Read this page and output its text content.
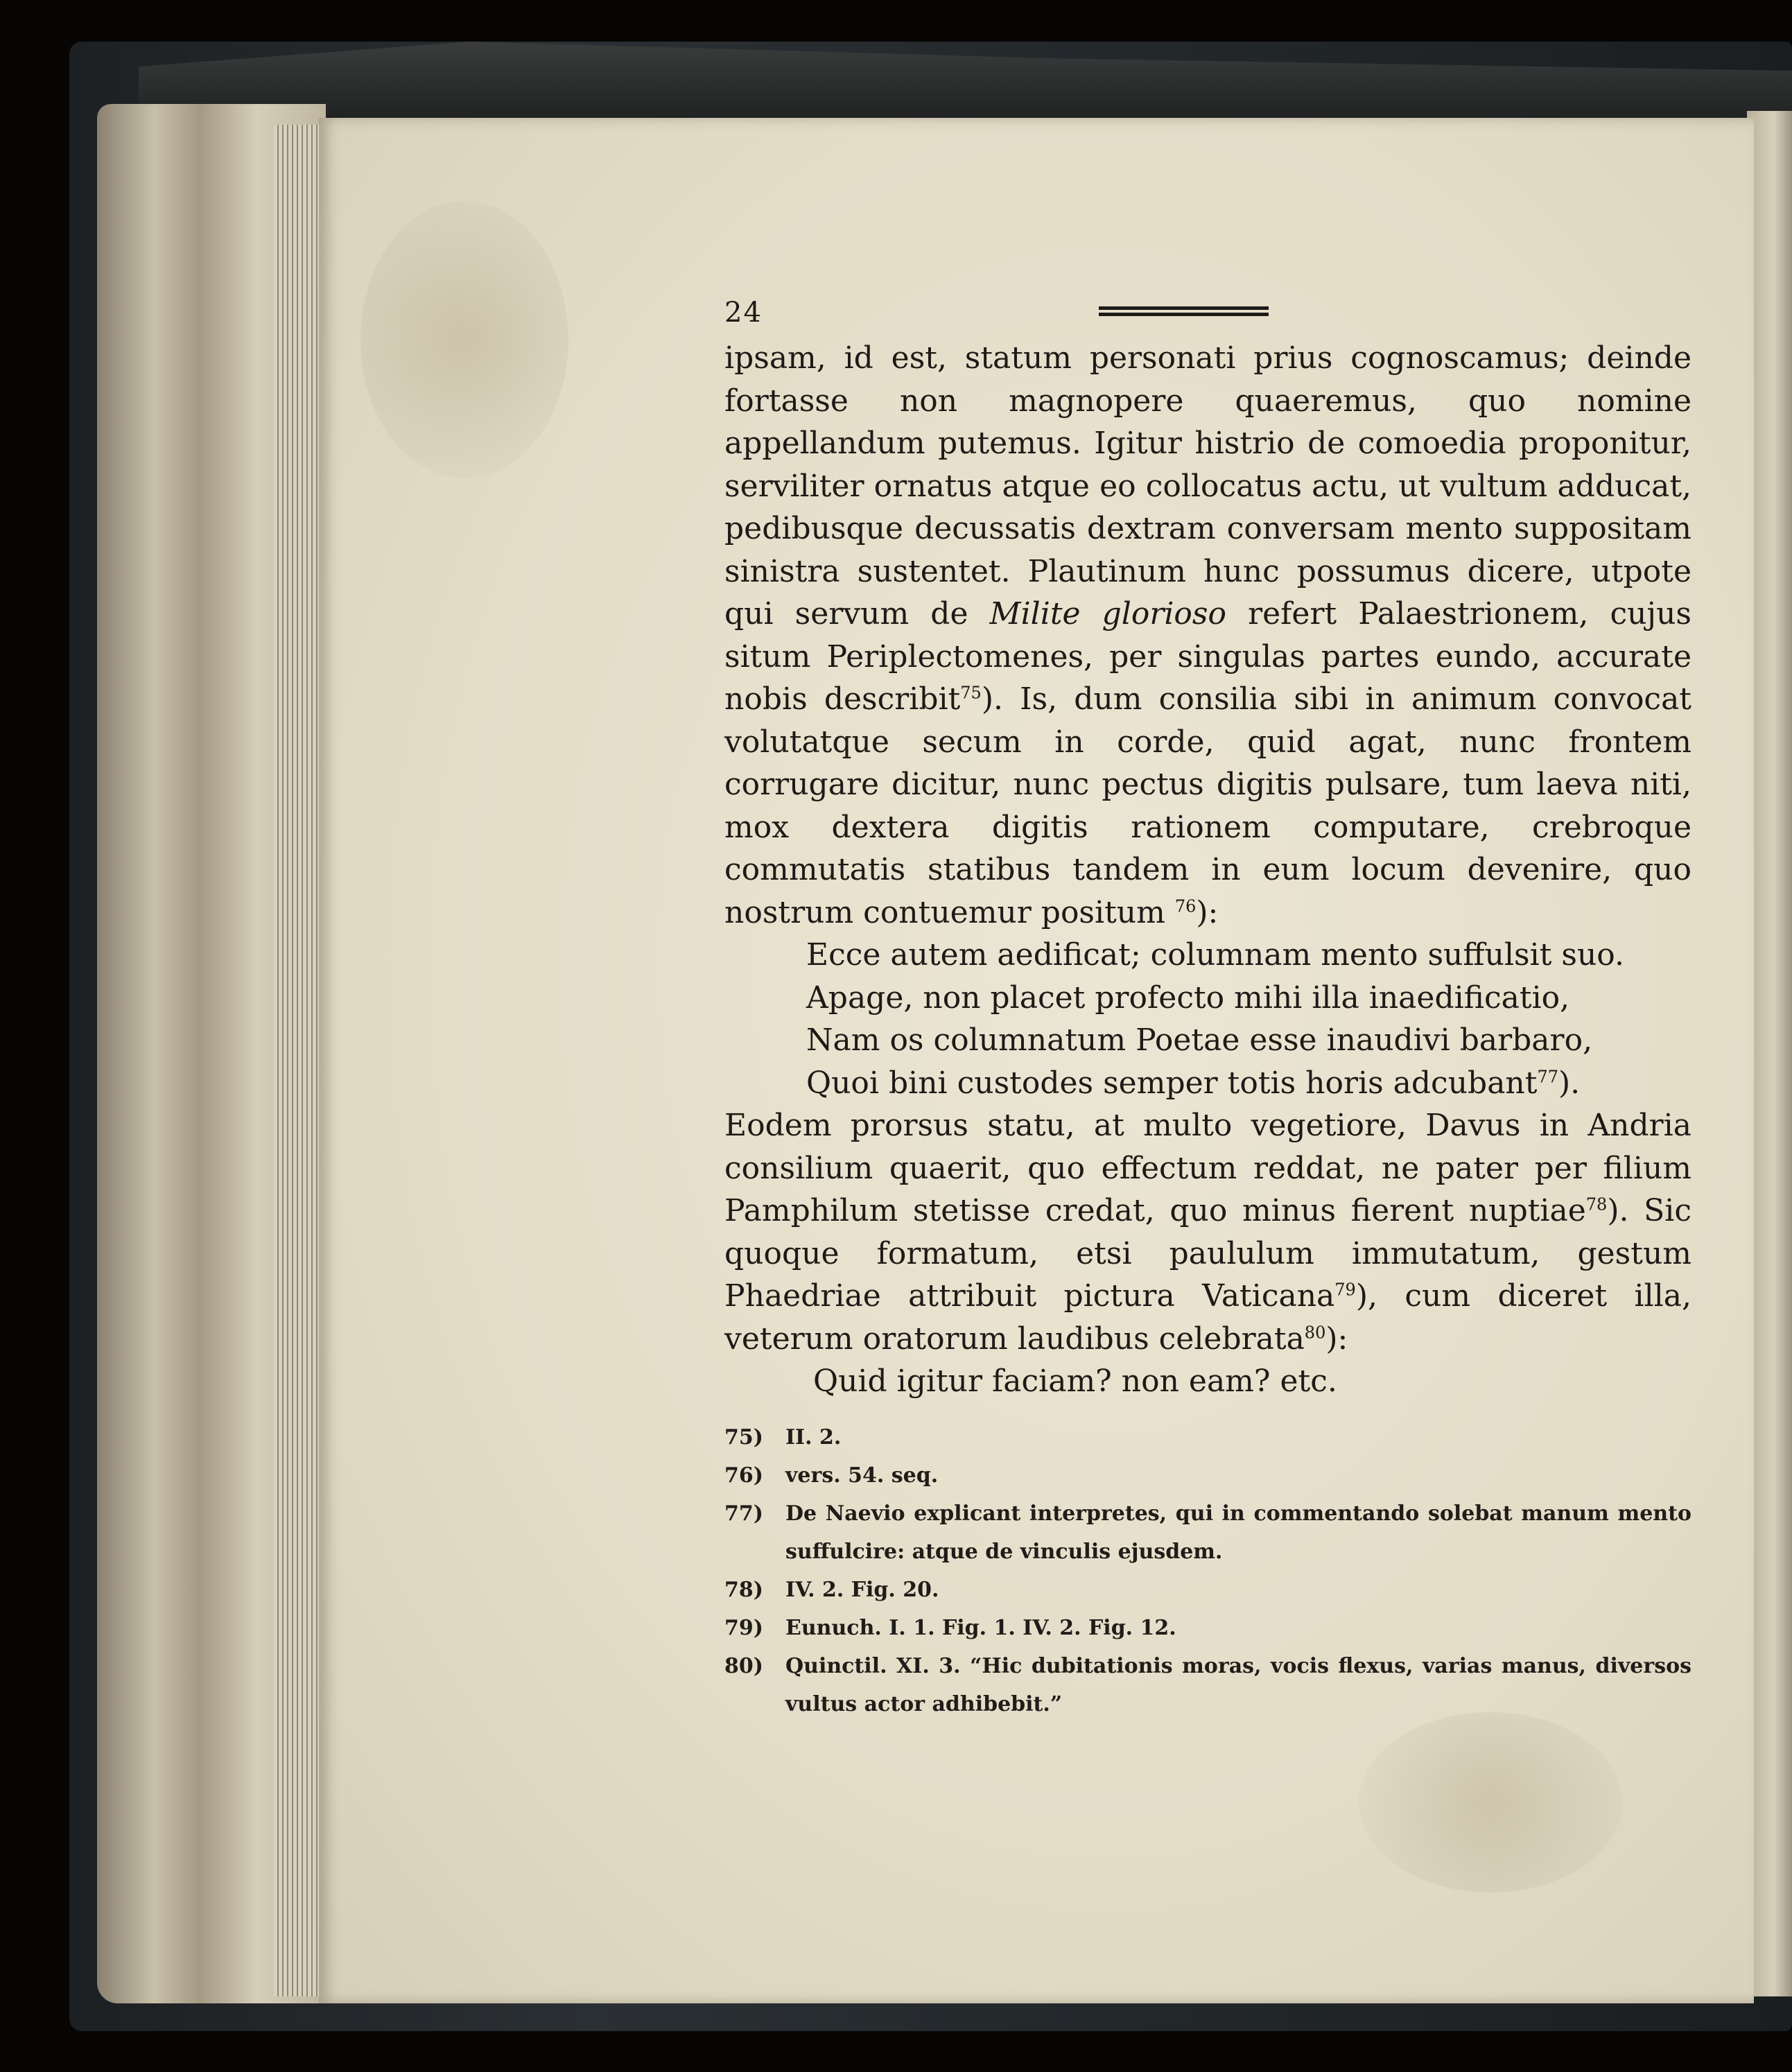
24

ipsam, id est, statum personati prius cognoscamus; deinde fortasse non magnopere quaeremus, quo nomine appellandum putemus. Igitur histrio de comoedia proponitur, serviliter ornatus atque eo collocatus actu, ut vultum adducat, pedibusque decussatis dextram conversam mento suppositam sinistra sustentet. Plautinum hunc possumus dicere, utpote qui servum de Milite glorioso refert Palaestrionem, cujus situm Periplectomenes, per singulas partes eundo, accurate nobis describit$^{75}$). Is, dum consilia sibi in animum convocat volutatque secum in corde, quid agat, nunc frontem corrugare dicitur, nunc pectus digitis pulsare, tum laeva niti, mox dextera digitis rationem computare, crebroque commutatis statibus tandem in eum locum devenire, quo nostrum contuemur positum $^{76}$):

Ecce autem aedificat; columnam mento suffulsit suo.

Apage, non placet profecto mihi illa inaedificatio,

Nam os columnatum Poetae esse inaudivi barbaro,

Quoi bini custodes semper totis horis adcubant$^{77}$).

Eodem prorsus statu, at multo vegetiore, Davus in Andria consilium quaerit, quo effectum reddat, ne pater per filium Pamphilum stetisse credat, quo minus fierent nuptiae$^{78}$). Sic quoque formatum, etsi paululum immutatum, gestum Phaedriae attribuit pictura Vaticana$^{79}$), cum diceret illa, veterum oratorum laudibus celebrata$^{80}$):

Quid igitur faciam? non eam? etc.

75)	II. 2.
76)	vers. 54. seq.
77)	De Naevio explicant interpretes, qui in commentando solebat manum mento suffulcire: atque de vinculis ejusdem.
78)	IV. 2. Fig. 20.
79)	Eunuch. I. 1. Fig. 1. IV. 2. Fig. 12.
80)	Quinctil. XI. 3. “Hic dubitationis moras, vocis flexus, varias manus, diversos vultus actor adhibebit.”
